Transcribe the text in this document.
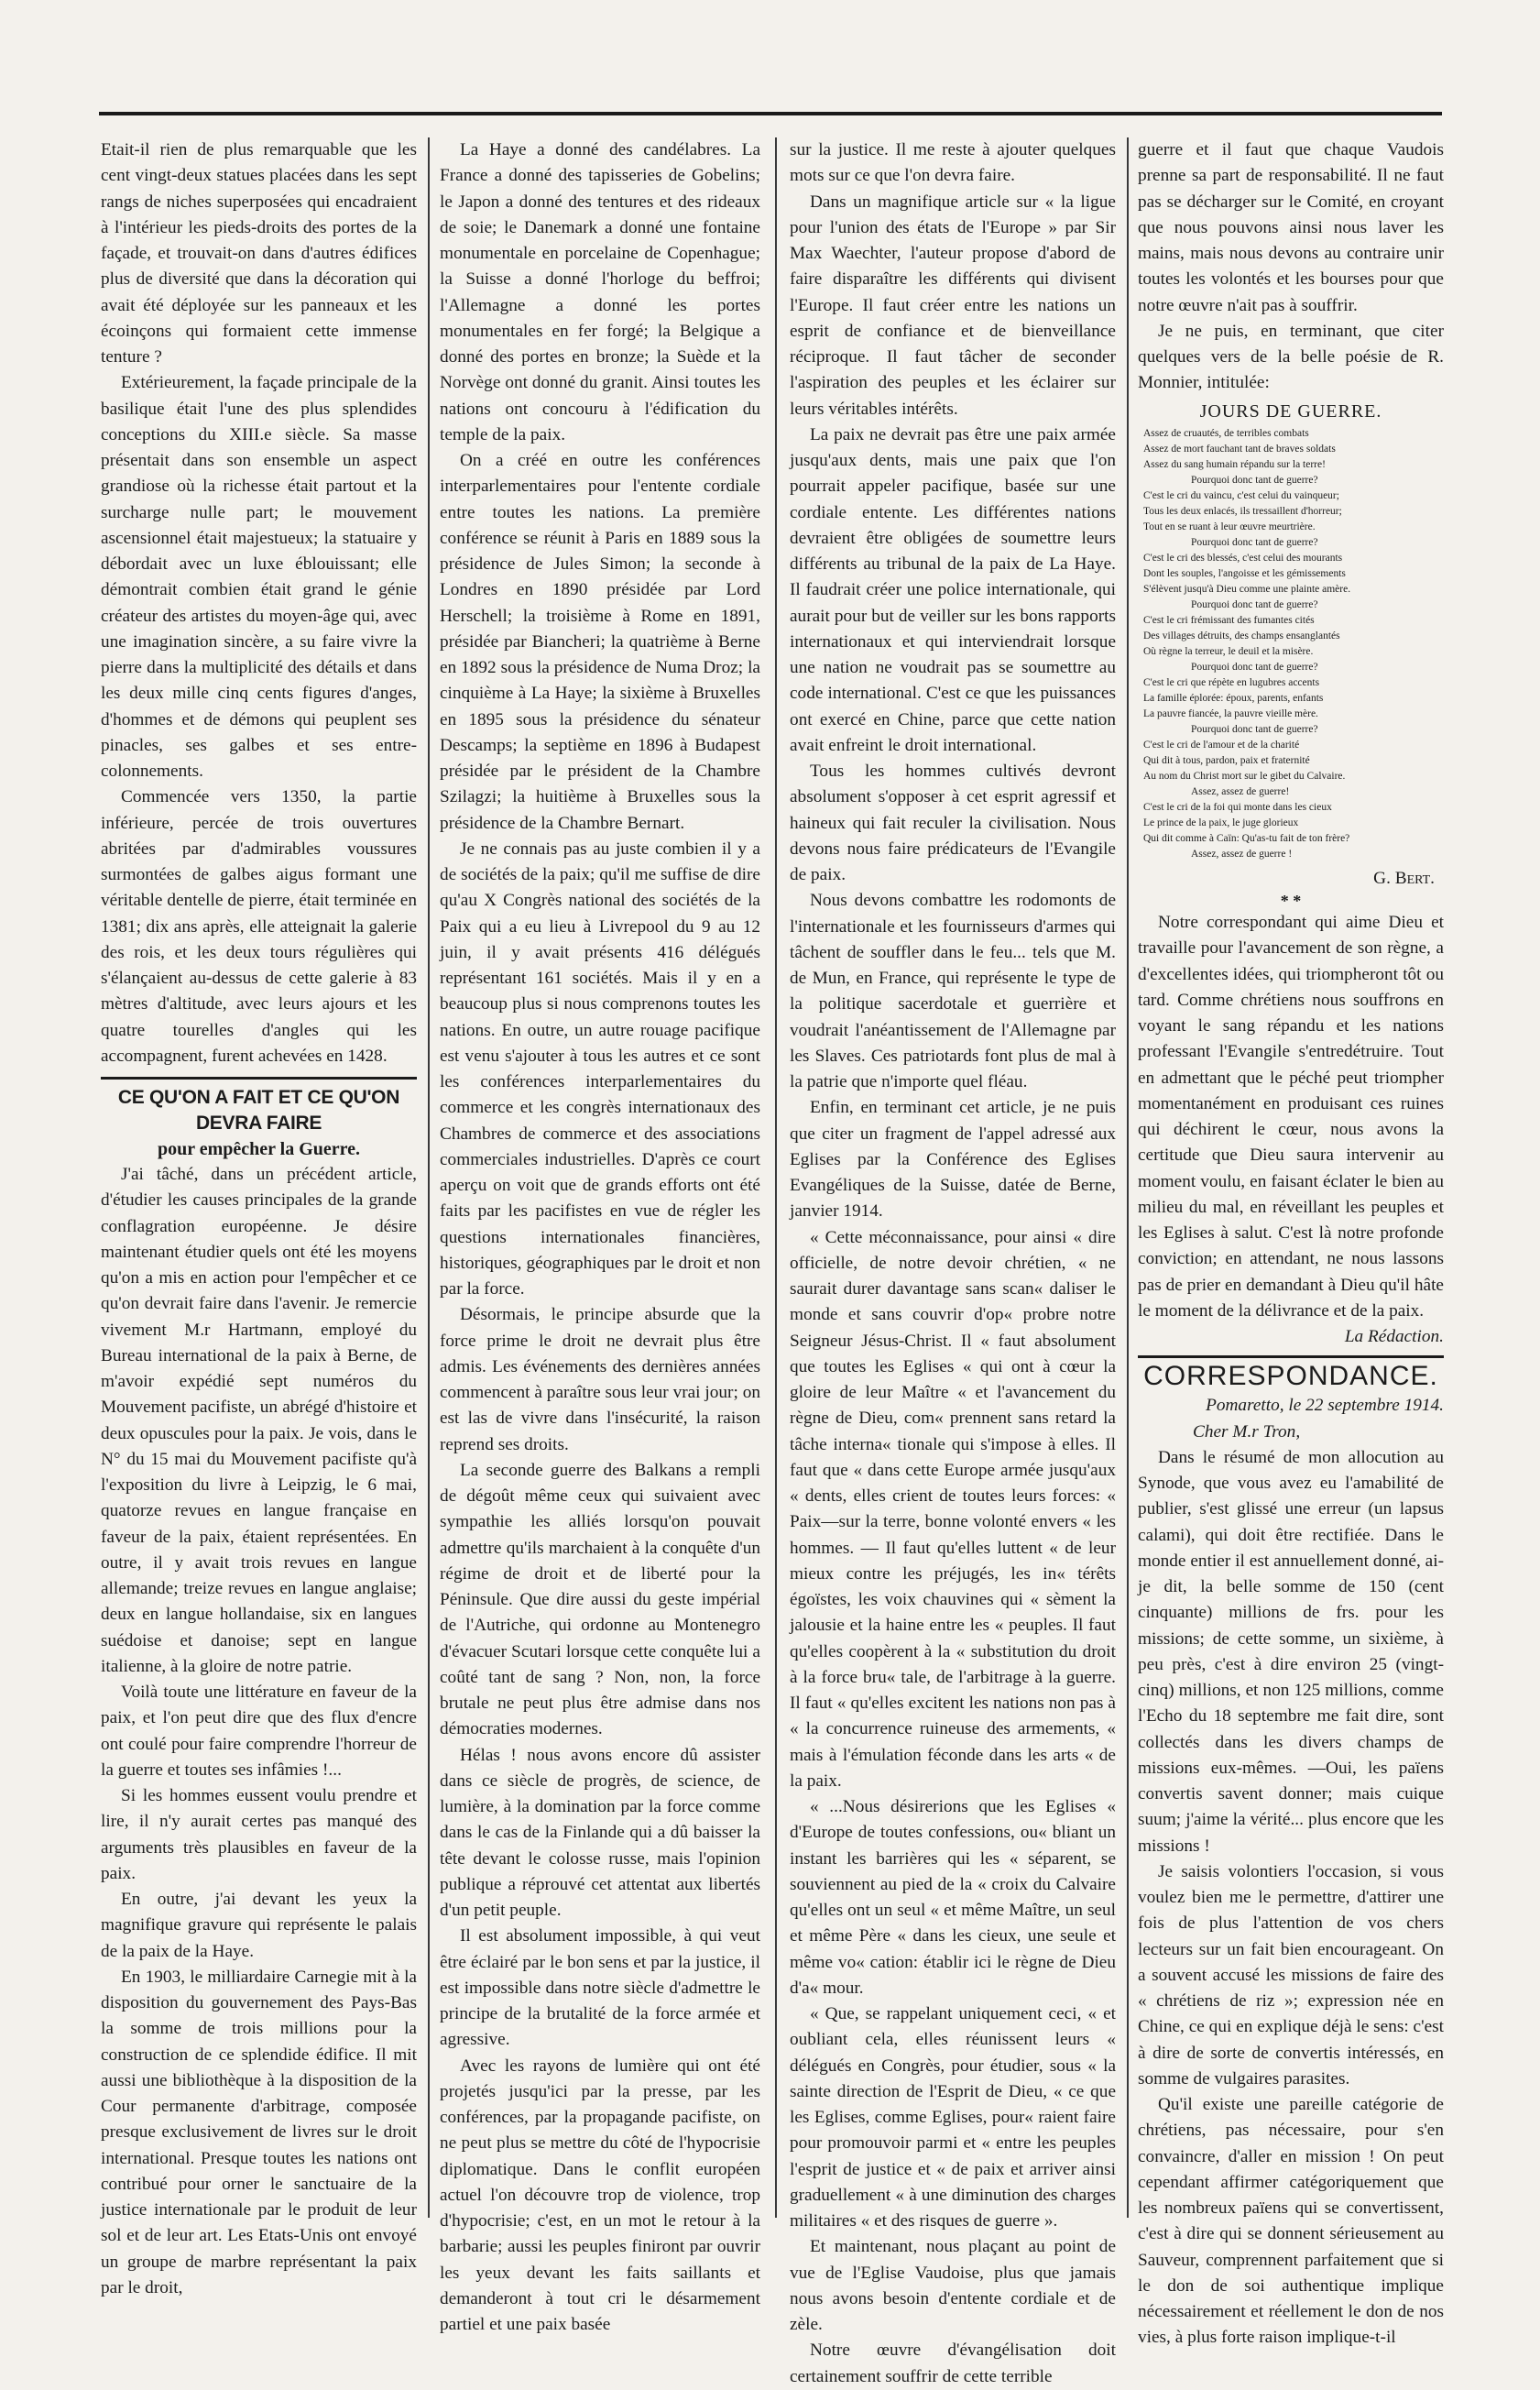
Etait-il rien de plus remarquable que les cent vingt-deux statues placées dans les sept rangs de niches superposées qui encadraient à l'intérieur les pieds-droits des portes de la façade, et trouvait-on dans d'autres édifices plus de diversité que dans la décoration qui avait été déployée sur les panneaux et les écoinçons qui formaient cette immense tenture ?

Extérieurement, la façade principale de la basilique était l'une des plus splendides conceptions du XIII.e siècle. Sa masse présentait dans son ensemble un aspect grandiose où la richesse était partout et la surcharge nulle part; le mouvement ascensionnel était majestueux; la statuaire y débordait avec un luxe éblouissant; elle démontrait combien était grand le génie créateur des artistes du moyen-âge qui, avec une imagination sincère, a su faire vivre la pierre dans la multiplicité des détails et dans les deux mille cinq cents figures d'anges, d'hommes et de démons qui peuplent ses pinacles, ses galbes et ses entre-colonnements.

Commencée vers 1350, la partie inférieure, percée de trois ouvertures abritées par d'admirables voussures surmontées de galbes aigus formant une véritable dentelle de pierre, était terminée en 1381; dix ans après, elle atteignait la galerie des rois, et les deux tours régulières qui s'élançaient au-dessus de cette galerie à 83 mètres d'altitude, avec leurs ajours et les quatre tourelles d'angles qui les accompagnent, furent achevées en 1428.

CE QU'ON A FAIT ET CE QU'ON DEVRA FAIRE
pour empêcher la Guerre.

J'ai tâché, dans un précédent article, d'étudier les causes principales de la grande conflagration européenne. Je désire maintenant étudier quels ont été les moyens qu'on a mis en action pour l'empêcher et ce qu'on devrait faire dans l'avenir. Je remercie vivement M.r Hartmann, employé du Bureau international de la paix à Berne, de m'avoir expédié sept numéros du Mouvement pacifiste, un abrégé d'histoire et deux opuscules pour la paix. Je vois, dans le N° du 15 mai du Mouvement pacifiste qu'à l'exposition du livre à Leipzig, le 6 mai, quatorze revues en langue française en faveur de la paix, étaient représentées. En outre, il y avait trois revues en langue allemande; treize revues en langue anglaise; deux en langue hollandaise, six en langues suédoise et danoise; sept en langue italienne, à la gloire de notre patrie.

Voilà toute une littérature en faveur de la paix, et l'on peut dire que des flux d'encre ont coulé pour faire comprendre l'horreur de la guerre et toutes ses infâmies !...

Si les hommes eussent voulu prendre et lire, il n'y aurait certes pas manqué des arguments très plausibles en faveur de la paix.

En outre, j'ai devant les yeux la magnifique gravure qui représente le palais de la paix de la Haye.

En 1903, le milliardaire Carnegie mit à la disposition du gouvernement des Pays-Bas la somme de trois millions pour la construction de ce splendide édifice. Il mit aussi une bibliothèque à la disposition de la Cour permanente d'arbitrage, composée presque exclusivement de livres sur le droit international. Presque toutes les nations ont contribué pour orner le sanctuaire de la justice internationale par le produit de leur sol et de leur art. Les Etats-Unis ont envoyé un groupe de marbre représentant la paix par le droit,

La Haye a donné des candélabres. La France a donné des tapisseries de Gobelins; le Japon a donné des tentures et des rideaux de soie; le Danemark a donné une fontaine monumentale en porcelaine de Copenhague; la Suisse a donné l'horloge du beffroi; l'Allemagne a donné les portes monumentales en fer forgé; la Belgique a donné des portes en bronze; la Suède et la Norvège ont donné du granit. Ainsi toutes les nations ont concouru à l'édification du temple de la paix.

On a créé en outre les conférences interparlementaires pour l'entente cordiale entre toutes les nations. La première conférence se réunit à Paris en 1889 sous la présidence de Jules Simon; la seconde à Londres en 1890 présidée par Lord Herschell; la troisième à Rome en 1891, présidée par Biancheri; la quatrième à Berne en 1892 sous la présidence de Numa Droz; la cinquième à La Haye; la sixième à Bruxelles en 1895 sous la présidence du sénateur Descamps; la septième en 1896 à Budapest présidée par le président de la Chambre Szilagzi; la huitième à Bruxelles sous la présidence de la Chambre Bernart.

Je ne connais pas au juste combien il y a de sociétés de la paix; qu'il me suffise de dire qu'au X Congrès national des sociétés de la Paix qui a eu lieu à Livrepool du 9 au 12 juin, il y avait présents 416 délégués représentant 161 sociétés. Mais il y en a beaucoup plus si nous comprenons toutes les nations. En outre, un autre rouage pacifique est venu s'ajouter à tous les autres et ce sont les conférences interparlementaires du commerce et les congrès internationaux des Chambres de commerce et des associations commerciales industrielles. D'après ce court aperçu on voit que de grands efforts ont été faits par les pacifistes en vue de régler les questions internationales financières, historiques, géographiques par le droit et non par la force.

Désormais, le principe absurde que la force prime le droit ne devrait plus être admis. Les événements des dernières années commencent à paraître sous leur vrai jour; on est las de vivre dans l'insécurité, la raison reprend ses droits.

La seconde guerre des Balkans a rempli de dégoût même ceux qui suivaient avec sympathie les alliés lorsqu'on pouvait admettre qu'ils marchaient à la conquête d'un régime de droit et de liberté pour la Péninsule. Que dire aussi du geste impérial de l'Autriche, qui ordonne au Montenegro d'évacuer Scutari lorsque cette conquête lui a coûté tant de sang ? Non, non, la force brutale ne peut plus être admise dans nos démocraties modernes.

Hélas ! nous avons encore dû assister dans ce siècle de progrès, de science, de lumière, à la domination par la force comme dans le cas de la Finlande qui a dû baisser la tête devant le colosse russe, mais l'opinion publique a réprouvé cet attentat aux libertés d'un petit peuple.

Il est absolument impossible, à qui veut être éclairé par le bon sens et par la justice, il est impossible dans notre siècle d'admettre le principe de la brutalité de la force armée et agressive.

Avec les rayons de lumière qui ont été projetés jusqu'ici par la presse, par les conférences, par la propagande pacifiste, on ne peut plus se mettre du côté de l'hypocrisie diplomatique. Dans le conflit européen actuel l'on découvre trop de violence, trop d'hypocrisie; c'est, en un mot le retour à la barbarie; aussi les peuples finiront par ouvrir les yeux devant les faits saillants et demanderont à tout cri le désarmement partiel et une paix basée

sur la justice. Il me reste à ajouter quelques mots sur ce que l'on devra faire.

Dans un magnifique article sur « la ligue pour l'union des états de l'Europe » par Sir Max Waechter, l'auteur propose d'abord de faire disparaître les différents qui divisent l'Europe. Il faut créer entre les nations un esprit de confiance et de bienveillance réciproque. Il faut tâcher de seconder l'aspiration des peuples et les éclairer sur leurs véritables intérêts.

La paix ne devrait pas être une paix armée jusqu'aux dents, mais une paix que l'on pourrait appeler pacifique, basée sur une cordiale entente. Les différentes nations devraient être obligées de soumettre leurs différents au tribunal de la paix de La Haye. Il faudrait créer une police internationale, qui aurait pour but de veiller sur les bons rapports internationaux et qui interviendrait lorsque une nation ne voudrait pas se soumettre au code international. C'est ce que les puissances ont exercé en Chine, parce que cette nation avait enfreint le droit international.

Tous les hommes cultivés devront absolument s'opposer à cet esprit agressif et haineux qui fait reculer la civilisation. Nous devons nous faire prédicateurs de l'Evangile de paix.

Nous devons combattre les rodomonts de l'internationale et les fournisseurs d'armes qui tâchent de souffler dans le feu... tels que M. de Mun, en France, qui représente le type de la politique sacerdotale et guerrière et voudrait l'anéantissement de l'Allemagne par les Slaves. Ces patriotards font plus de mal à la patrie que n'importe quel fléau.

Enfin, en terminant cet article, je ne puis que citer un fragment de l'appel adressé aux Eglises par la Conférence des Eglises Evangéliques de la Suisse, datée de Berne, janvier 1914.

« Cette méconnaissance, pour ainsi « dire officielle, de notre devoir chrétien, « ne saurait durer davantage sans scan« daliser le monde et sans couvrir d'op« probre notre Seigneur Jésus-Christ. Il « faut absolument que toutes les Eglises « qui ont à cœur la gloire de leur Maître « et l'avancement du règne de Dieu, com« prennent sans retard la tâche interna« tionale qui s'impose à elles. Il faut que « dans cette Europe armée jusqu'aux « dents, elles crient de toutes leurs forces: « Paix—sur la terre, bonne volonté envers « les hommes. — Il faut qu'elles luttent « de leur mieux contre les préjugés, les in« térêts égoïstes, les voix chauvines qui « sèment la jalousie et la haine entre les « peuples. Il faut qu'elles coopèrent à la « substitution du droit à la force bru« tale, de l'arbitrage à la guerre. Il faut « qu'elles excitent les nations non pas à « la concurrence ruineuse des armements, « mais à l'émulation féconde dans les arts « de la paix.

« ...Nous désirerions que les Eglises « d'Europe de toutes confessions, ou« bliant un instant les barrières qui les « séparent, se souviennent au pied de la « croix du Calvaire qu'elles ont un seul « et même Maître, un seul et même Père « dans les cieux, une seule et même vo« cation: établir ici le règne de Dieu d'a« mour.

« Que, se rappelant uniquement ceci, « et oubliant cela, elles réunissent leurs « délégués en Congrès, pour étudier, sous « la sainte direction de l'Esprit de Dieu, « ce que les Eglises, comme Eglises, pour« raient faire pour promouvoir parmi et « entre les peuples l'esprit de justice et « de paix et arriver ainsi graduellement « à une diminution des charges militaires « et des risques de guerre ».

Et maintenant, nous plaçant au point de vue de l'Eglise Vaudoise, plus que jamais nous avons besoin d'entente cordiale et de zèle.

Notre œuvre d'évangélisation doit certainement souffrir de cette terrible

guerre et il faut que chaque Vaudois prenne sa part de responsabilité. Il ne faut pas se décharger sur le Comité, en croyant que nous pouvons ainsi nous laver les mains, mais nous devons au contraire unir toutes les volontés et les bourses pour que notre œuvre n'ait pas à souffrir.

Je ne puis, en terminant, que citer quelques vers de la belle poésie de R. Monnier, intitulée:

JOURS DE GUERRE.
Assez de cruautés, de terribles combats
Assez de mort fauchant tant de braves soldats
Assez du sang humain répandu sur la terre!
Pourquoi donc tant de guerre?
C'est le cri du vaincu, c'est celui du vainqueur;
Tous les deux enlacés, ils tressaillent d'horreur;
Tout en se ruant à leur œuvre meurtrière.
Pourquoi donc tant de guerre?
C'est le cri des blessés, c'est celui des mourants
Dont les souples, l'angoisse et les gémissements
S'élèvent jusqu'à Dieu comme une plainte amère.
Pourquoi donc tant de guerre?
C'est le cri frémissant des fumantes cités
Des villages détruits, des champs ensanglantés
Où règne la terreur, le deuil et la misère.
Pourquoi donc tant de guerre?
C'est le cri que répète en lugubres accents
La famille éplorée: époux, parents, enfants
La pauvre fiancée, la pauvre vieille mère.
Pourquoi donc tant de guerre?
C'est le cri de l'amour et de la charité
Qui dit à tous, pardon, paix et fraternité
Au nom du Christ mort sur le gibet du Calvaire.
Assez, assez de guerre!
C'est le cri de la foi qui monte dans les cieux
Le prince de la paix, le juge glorieux
Qui dit comme à Caïn: Qu'as-tu fait de ton frère?
Assez, assez de guerre !
G. Bert.
* *

Notre correspondant qui aime Dieu et travaille pour l'avancement de son règne, a d'excellentes idées, qui triompheront tôt ou tard. Comme chrétiens nous souffrons en voyant le sang répandu et les nations professant l'Evangile s'entredétruire. Tout en admettant que le péché peut triompher momentanément en produisant ces ruines qui déchirent le cœur, nous avons la certitude que Dieu saura intervenir au moment voulu, en faisant éclater le bien au milieu du mal, en réveillant les peuples et les Eglises à salut. C'est là notre profonde conviction; en attendant, ne nous lassons pas de prier en demandant à Dieu qu'il hâte le moment de la délivrance et de la paix.

La Rédaction.
CORRESPONDANCE.
Pomaretto, le 22 septembre 1914.
Cher M.r Tron,

Dans le résumé de mon allocution au Synode, que vous avez eu l'amabilité de publier, s'est glissé une erreur (un lapsus calami), qui doit être rectifiée. Dans le monde entier il est annuellement donné, ai-je dit, la belle somme de 150 (cent cinquante) millions de frs. pour les missions; de cette somme, un sixième, à peu près, c'est à dire environ 25 (vingt-cinq) millions, et non 125 millions, comme l'Echo du 18 septembre me fait dire, sont collectés dans les divers champs de missions eux-mêmes. —Oui, les païens convertis savent donner; mais cuique suum; j'aime la vérité... plus encore que les missions !

Je saisis volontiers l'occasion, si vous voulez bien me le permettre, d'attirer une fois de plus l'attention de vos chers lecteurs sur un fait bien encourageant. On a souvent accusé les missions de faire des « chrétiens de riz »; expression née en Chine, ce qui en explique déjà le sens: c'est à dire de sorte de convertis intéressés, en somme de vulgaires parasites.

Qu'il existe une pareille catégorie de chrétiens, pas nécessaire, pour s'en convaincre, d'aller en mission ! On peut cependant affirmer catégoriquement que les nombreux païens qui se convertissent, c'est à dire qui se donnent sérieusement au Sauveur, comprennent parfaitement que si le don de soi authentique implique nécessairement et réellement le don de nos vies, à plus forte raison implique-t-il
